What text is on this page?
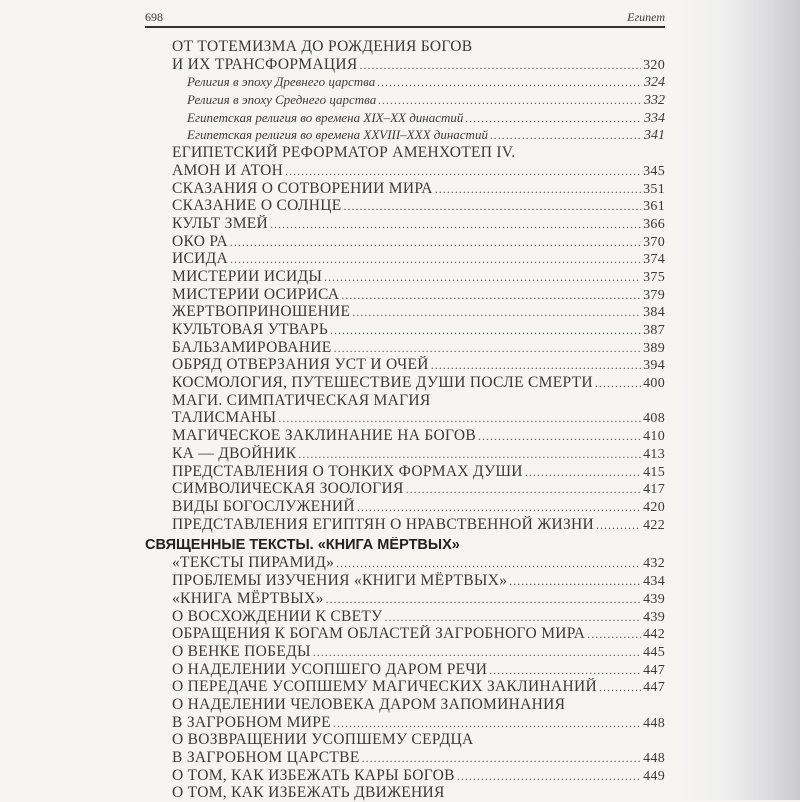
698	Египет
ОТ ТОТЕМИЗМА ДО РОЖДЕНИЯ БОГОВ
И ИХ ТРАНСФОРМАЦИЯ .....	320
Религия в эпоху Древнего царства .....	324
Религия в эпоху Среднего царства .....	332
Египетская религия во времена XIX–XX династий .....	334
Египетская религия во времена XXVIII–XXX династий .....	341
ЕГИПЕТСКИЙ РЕФОРМАТОР АМЕНХОТЕП IV.
АМОН И АТОН .....	345
СКАЗАНИЯ О СОТВОРЕНИИ МИРА .....	351
СКАЗАНИЕ О СОЛНЦЕ .....	361
КУЛЬТ ЗМЕЙ .....	366
ОКО РА .....	370
ИСИДА .....	374
МИСТЕРИИ ИСИДЫ .....	375
МИСТЕРИИ ОСИРИСА .....	379
ЖЕРТВОПРИНОШЕНИЕ .....	384
КУЛЬТОВАЯ УТВАРЬ .....	387
БАЛЬЗАМИРОВАНИЕ .....	389
ОБРЯД ОТВЕРЗАНИЯ УСТ И ОЧЕЙ .....	394
КОСМОЛОГИЯ, ПУТЕШЕСТВИЕ ДУШИ ПОСЛЕ СМЕРТИ .....	400
МАГИ. СИМПАТИЧЕСКАЯ МАГИЯ
ТАЛИСМАНЫ .....	408
МАГИЧЕСКОЕ ЗАКЛИНАНИЕ НА БОГОВ .....	410
КА — ДВОЙНИК .....	413
ПРЕДСТАВЛЕНИЯ О ТОНКИХ ФОРМАХ ДУШИ .....	415
СИМВОЛИЧЕСКАЯ ЗООЛОГИЯ .....	417
ВИДЫ БОГОСЛУЖЕНИЙ .....	420
ПРЕДСТАВЛЕНИЯ ЕГИПТЯН О НРАВСТВЕННОЙ ЖИЗНИ .....	422
СВЯЩЕННЫЕ ТЕКСТЫ. «КНИГА МЁРТВЫХ»
«ТЕКСТЫ ПИРАМИД» .....	432
ПРОБЛЕМЫ ИЗУЧЕНИЯ «КНИГИ МЁРТВЫХ» .....	434
«КНИГА МЁРТВЫХ» .....	439
О ВОСХОЖДЕНИИ К СВЕТУ .....	439
ОБРАЩЕНИЯ К БОГАМ ОБЛАСТЕЙ ЗАГРОБНОГО МИРА .....	442
О ВЕНКЕ ПОБЕДЫ .....	445
О НАДЕЛЕНИИ УСОПШЕГО ДАРОМ РЕЧИ .....	447
О ПЕРЕДАЧЕ УСОПШЕМУ МАГИЧЕСКИХ ЗАКЛИНАНИЙ .....	447
О НАДЕЛЕНИИ ЧЕЛОВЕКА ДАРОМ ЗАПОМИНАНИЯ
В ЗАГРОБНОМ МИРЕ .....	448
О ВОЗВРАЩЕНИИ УСОПШЕМУ СЕРДЦА
В ЗАГРОБНОМ ЦАРСТВЕ .....	448
О ТОМ, КАК ИЗБЕЖАТЬ КАРЫ БОГОВ .....	449
О ТОМ, КАК ИЗБЕЖАТЬ ДВИЖЕНИЯ
